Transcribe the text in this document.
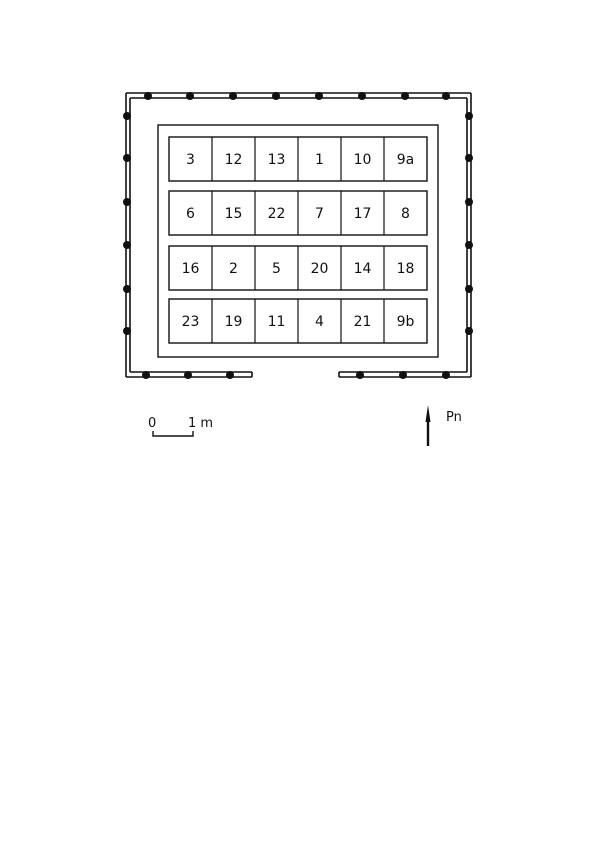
3 12 13 1 10 9a
6 15 22 7 17 8
16 2 5 20 14 18
23 19 11 4 21 9b
0 1 m	Pn
